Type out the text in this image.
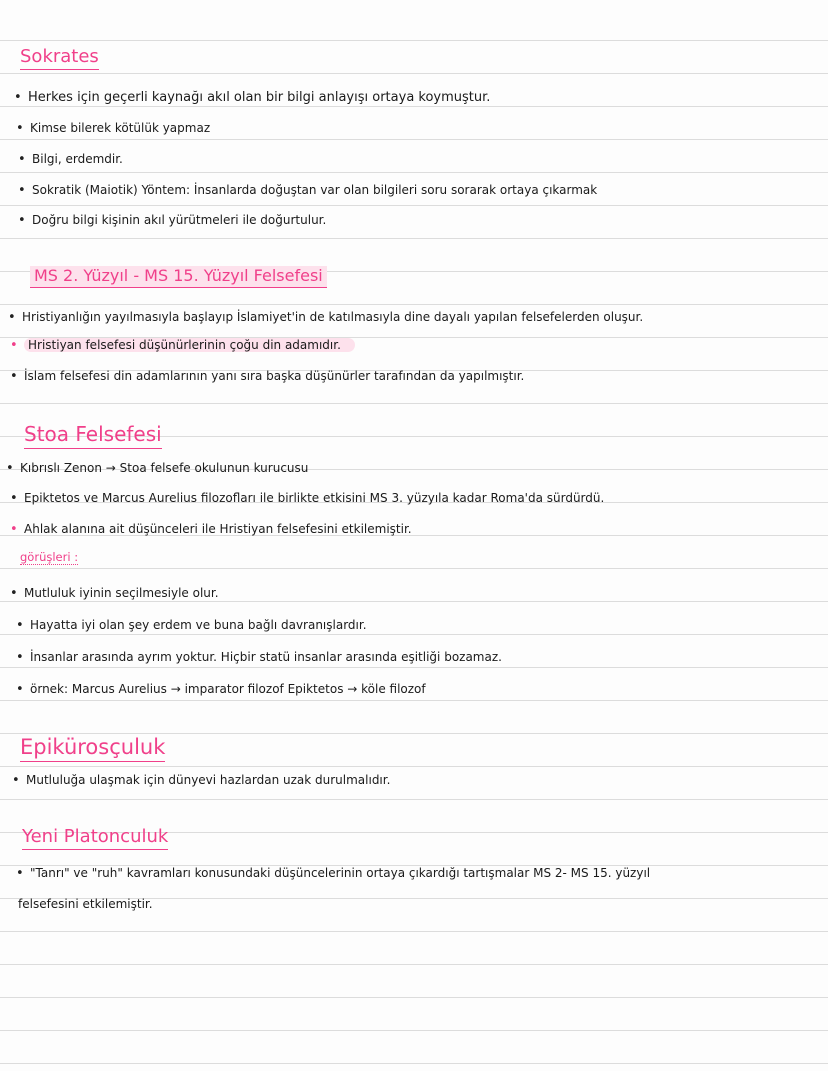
Sokrates
• Herkes için geçerli kaynağı akıl olan bir bilgi anlayışı ortaya koymuştur.
• Kimse bilerek kötülük yapmaz
• Bilgi, erdemdir.
• Sokratik (Maiotik) Yöntem: İnsanlarda doğuştan var olan bilgileri soru sorarak ortaya çıkarmak
• Doğru bilgi kişinin akıl yürütmeleri ile doğurtulur.
MS 2. Yüzyıl - MS 15. Yüzyıl Felsefesi
• Hristiyanlığın yayılmasıyla başlayıp İslamiyet'in de katılmasıyla dine dayalı yapılan felsefelerden oluşur.
• Hristiyan felsefesi düşünürlerinin çoğu din adamıdır.
• İslam felsefesi din adamlarının yanı sıra başka düşünürler tarafından da yapılmıştır.
Stoa Felsefesi
• Kıbrıslı Zenon → Stoa felsefe okulunun kurucusu
• Epiktetos ve Marcus Aurelius filozofları ile birlikte etkisini MS 3. yüzyıla kadar Roma'da sürdürdü.
• Ahlak alanına ait düşünceleri ile Hristiyan felsefesini etkilemiştir.
görüşleri :
• Mutluluk iyinin seçilmesiyle olur.
• Hayatta iyi olan şey erdem ve buna bağlı davranışlardır.
• İnsanlar arasında ayrım yoktur. Hiçbir statü insanlar arasında eşitliği bozamaz.
• örnek: Marcus Aurelius → imparator filozof Epiktetos → köle filozof
Epikürosçuluk
• Mutluluğa ulaşmak için dünyevi hazlardan uzak durulmalıdır.
Yeni Platonculuk
• "Tanrı" ve "ruh" kavramları konusundaki düşüncelerinin ortaya çıkardığı tartışmalar MS 2- MS 15. yüzyıl
felsefesini etkilemiştir.
